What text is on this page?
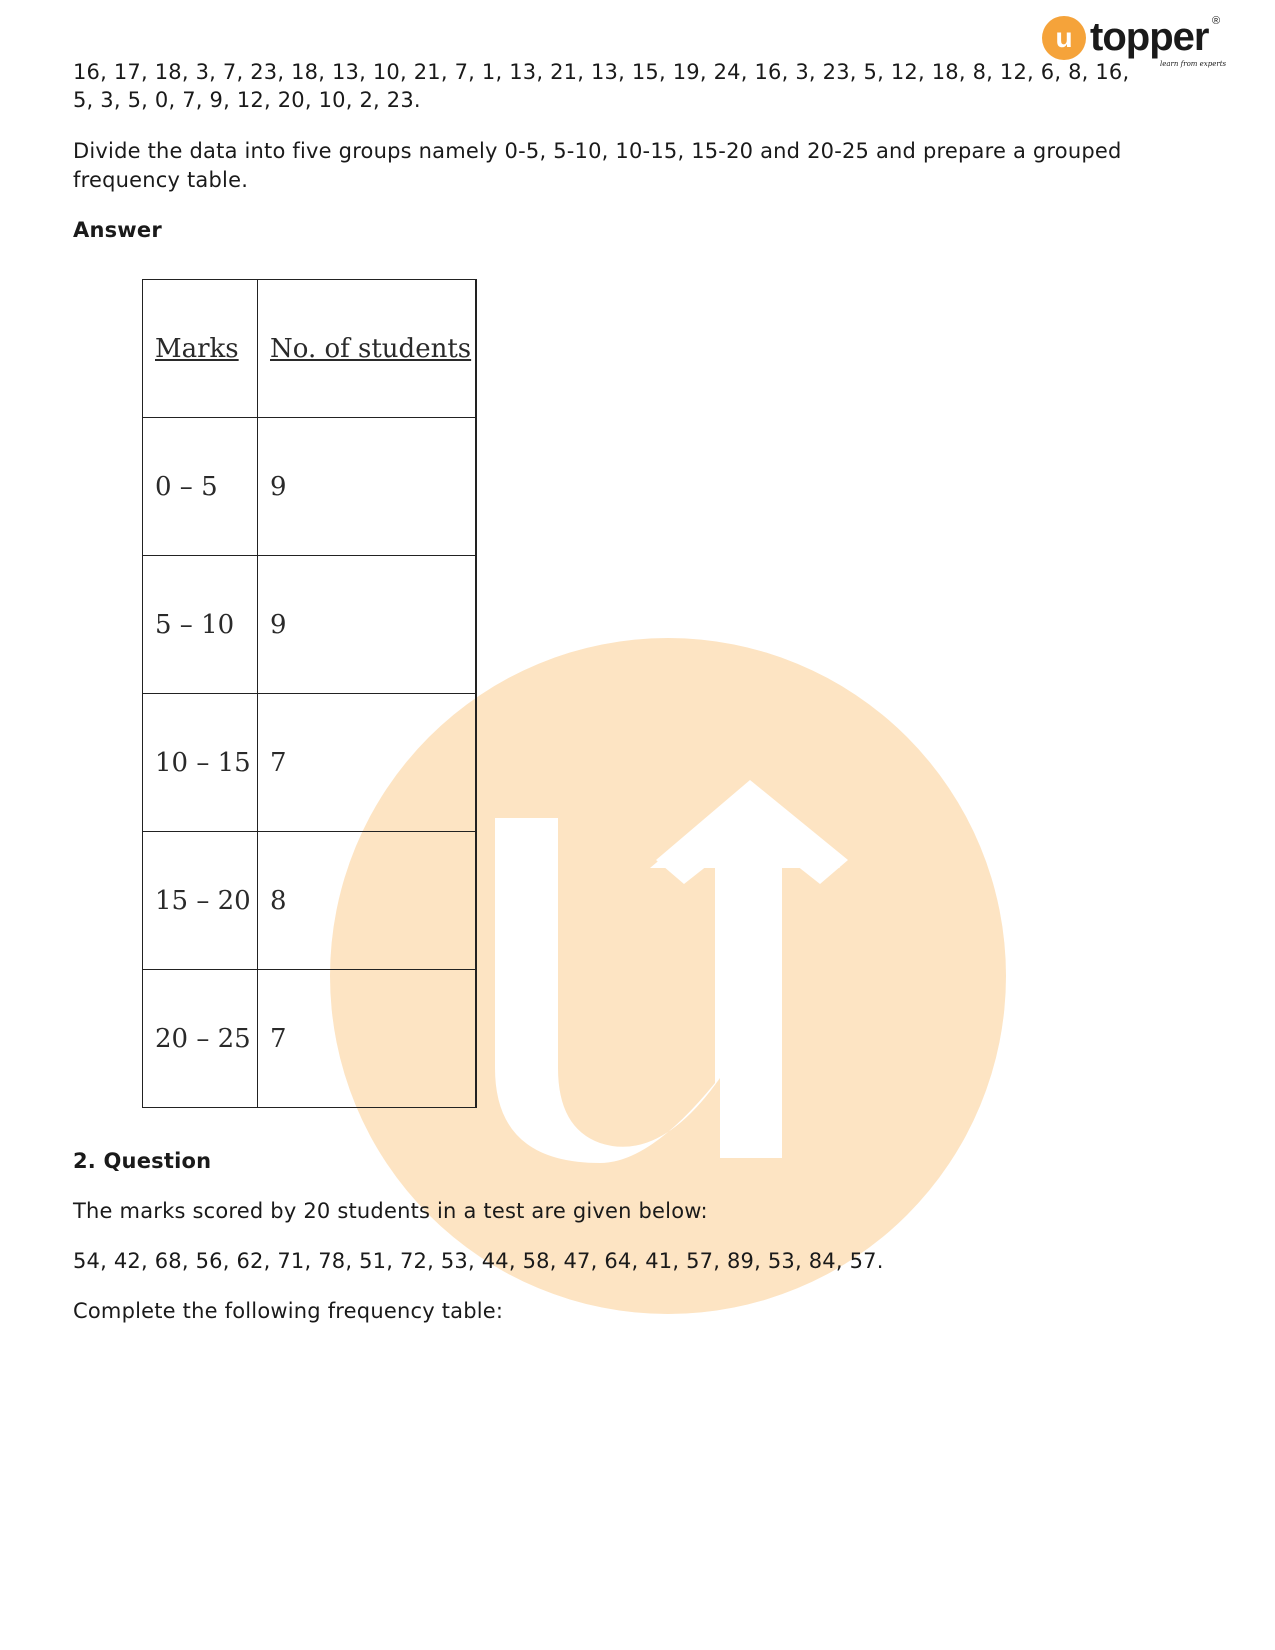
u topper ®
learn from experts
16, 17, 18, 3, 7, 23, 18, 13, 10, 21, 7, 1, 13, 21, 13, 15, 19, 24, 16, 3, 23, 5, 12, 18, 8, 12, 6, 8, 16,
5, 3, 5, 0, 7, 9, 12, 20, 10, 2, 23.
Divide the data into five groups namely 0-5, 5-10, 10-15, 15-20 and 20-25 and prepare a grouped
frequency table.
Answer
Marks	No. of students
0 – 5	9
5 – 10	9
10 – 15	7
15 – 20	8
20 – 25	7
2. Question
The marks scored by 20 students in a test are given below:
54, 42, 68, 56, 62, 71, 78, 51, 72, 53, 44, 58, 47, 64, 41, 57, 89, 53, 84, 57.
Complete the following frequency table:
